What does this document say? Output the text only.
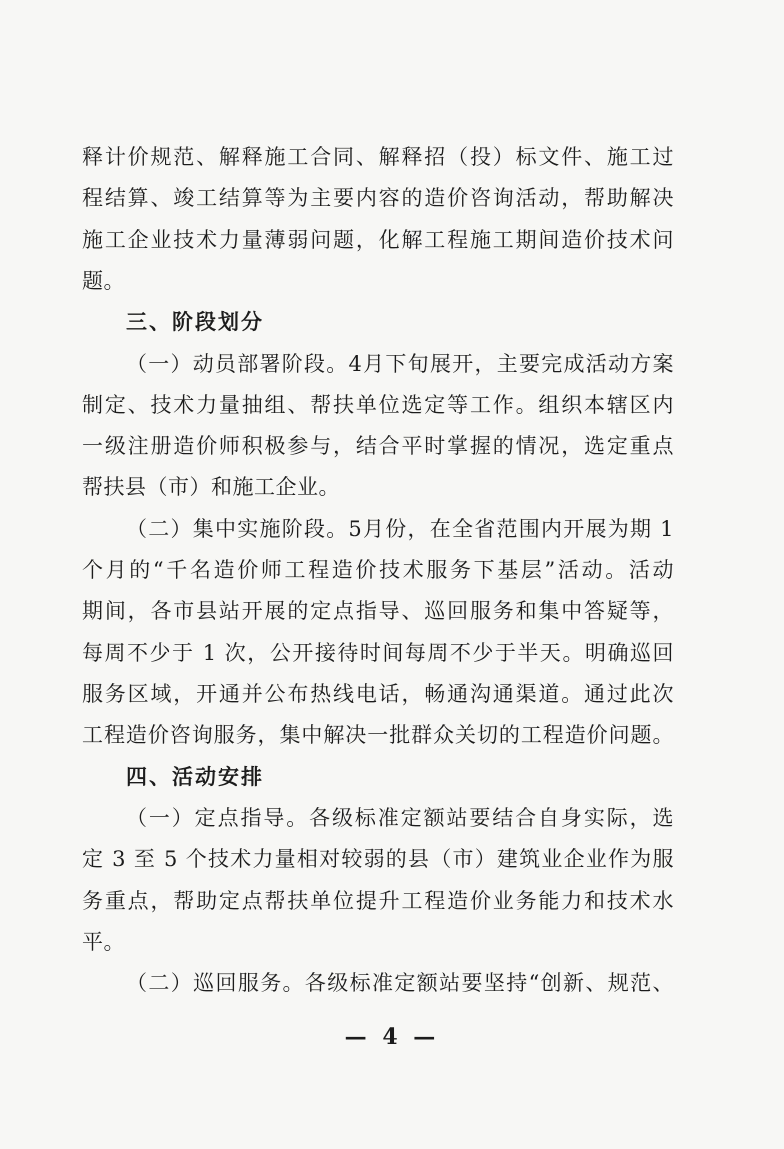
释计价规范、解释施工合同、解释招（投）标文件、施工过
程结算、竣工结算等为主要内容的造价咨询活动，帮助解决
施工企业技术力量薄弱问题，化解工程施工期间造价技术问
题。
三、阶段划分
（一）动员部署阶段。4月下旬展开，主要完成活动方案
制定、技术力量抽组、帮扶单位选定等工作。组织本辖区内
一级注册造价师积极参与，结合平时掌握的情况，选定重点
帮扶县（市）和施工企业。
（二）集中实施阶段。5月份，在全省范围内开展为期 1
个月的“千名造价师工程造价技术服务下基层”活动。活动
期间，各市县站开展的定点指导、巡回服务和集中答疑等，
每周不少于 1 次，公开接待时间每周不少于半天。明确巡回
服务区域，开通并公布热线电话，畅通沟通渠道。通过此次
工程造价咨询服务，集中解决一批群众关切的工程造价问题。
四、活动安排
（一）定点指导。各级标准定额站要结合自身实际，选
定 3 至 5 个技术力量相对较弱的县（市）建筑业企业作为服
务重点，帮助定点帮扶单位提升工程造价业务能力和技术水
平。
（二）巡回服务。各级标准定额站要坚持“创新、规范、
— 4 —
